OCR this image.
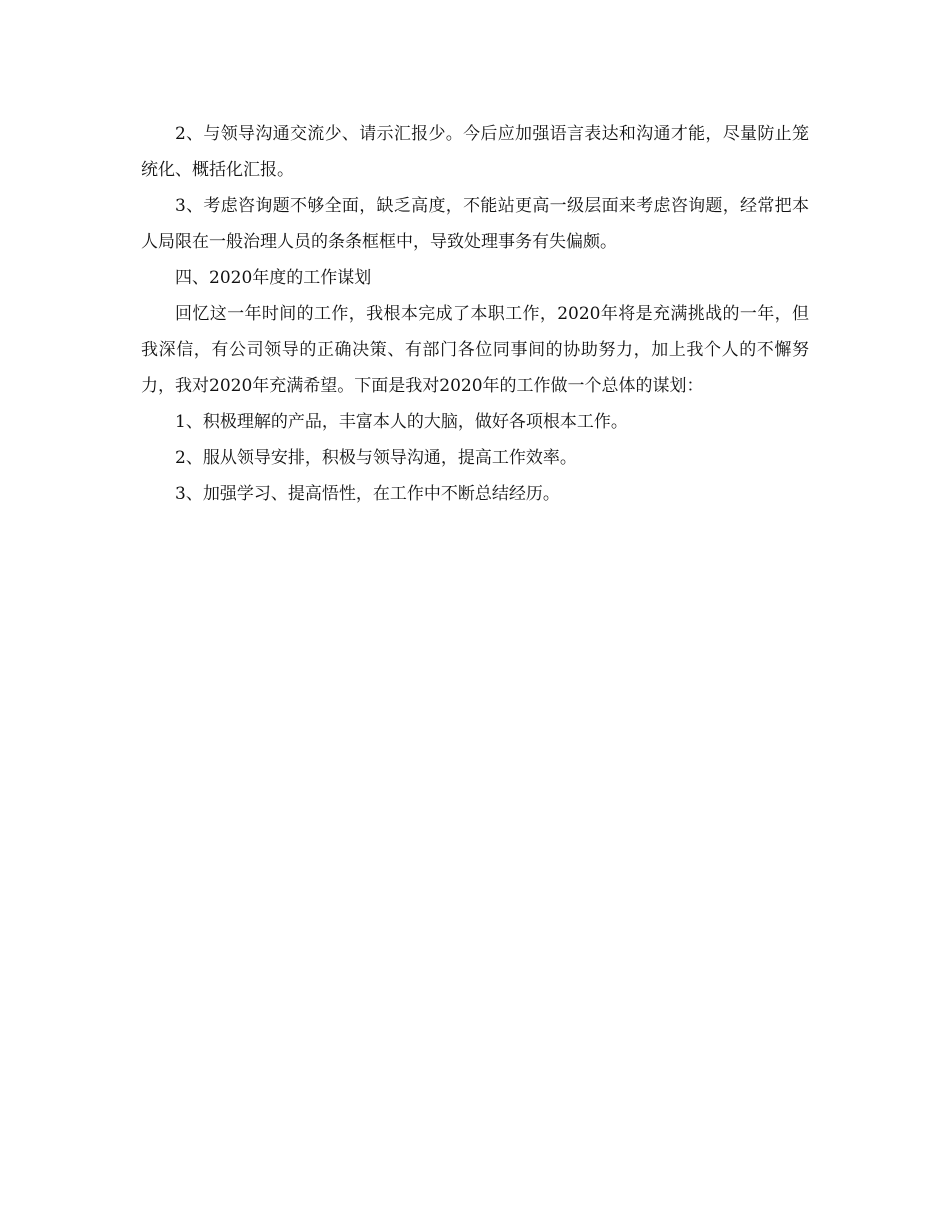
2、与领导沟通交流少、请示汇报少。今后应加强语言表达和沟通才能，尽量防止笼统化、概括化汇报。

3、考虑咨询题不够全面，缺乏高度，不能站更高一级层面来考虑咨询题，经常把本人局限在一般治理人员的条条框框中，导致处理事务有失偏颇。

四、2020年度的工作谋划

回忆这一年时间的工作，我根本完成了本职工作，2020年将是充满挑战的一年，但我深信，有公司领导的正确决策、有部门各位同事间的协助努力，加上我个人的不懈努力，我对2020年充满希望。下面是我对2020年的工作做一个总体的谋划：

1、积极理解的产品，丰富本人的大脑，做好各项根本工作。

2、服从领导安排，积极与领导沟通，提高工作效率。

3、加强学习、提高悟性，在工作中不断总结经历。
